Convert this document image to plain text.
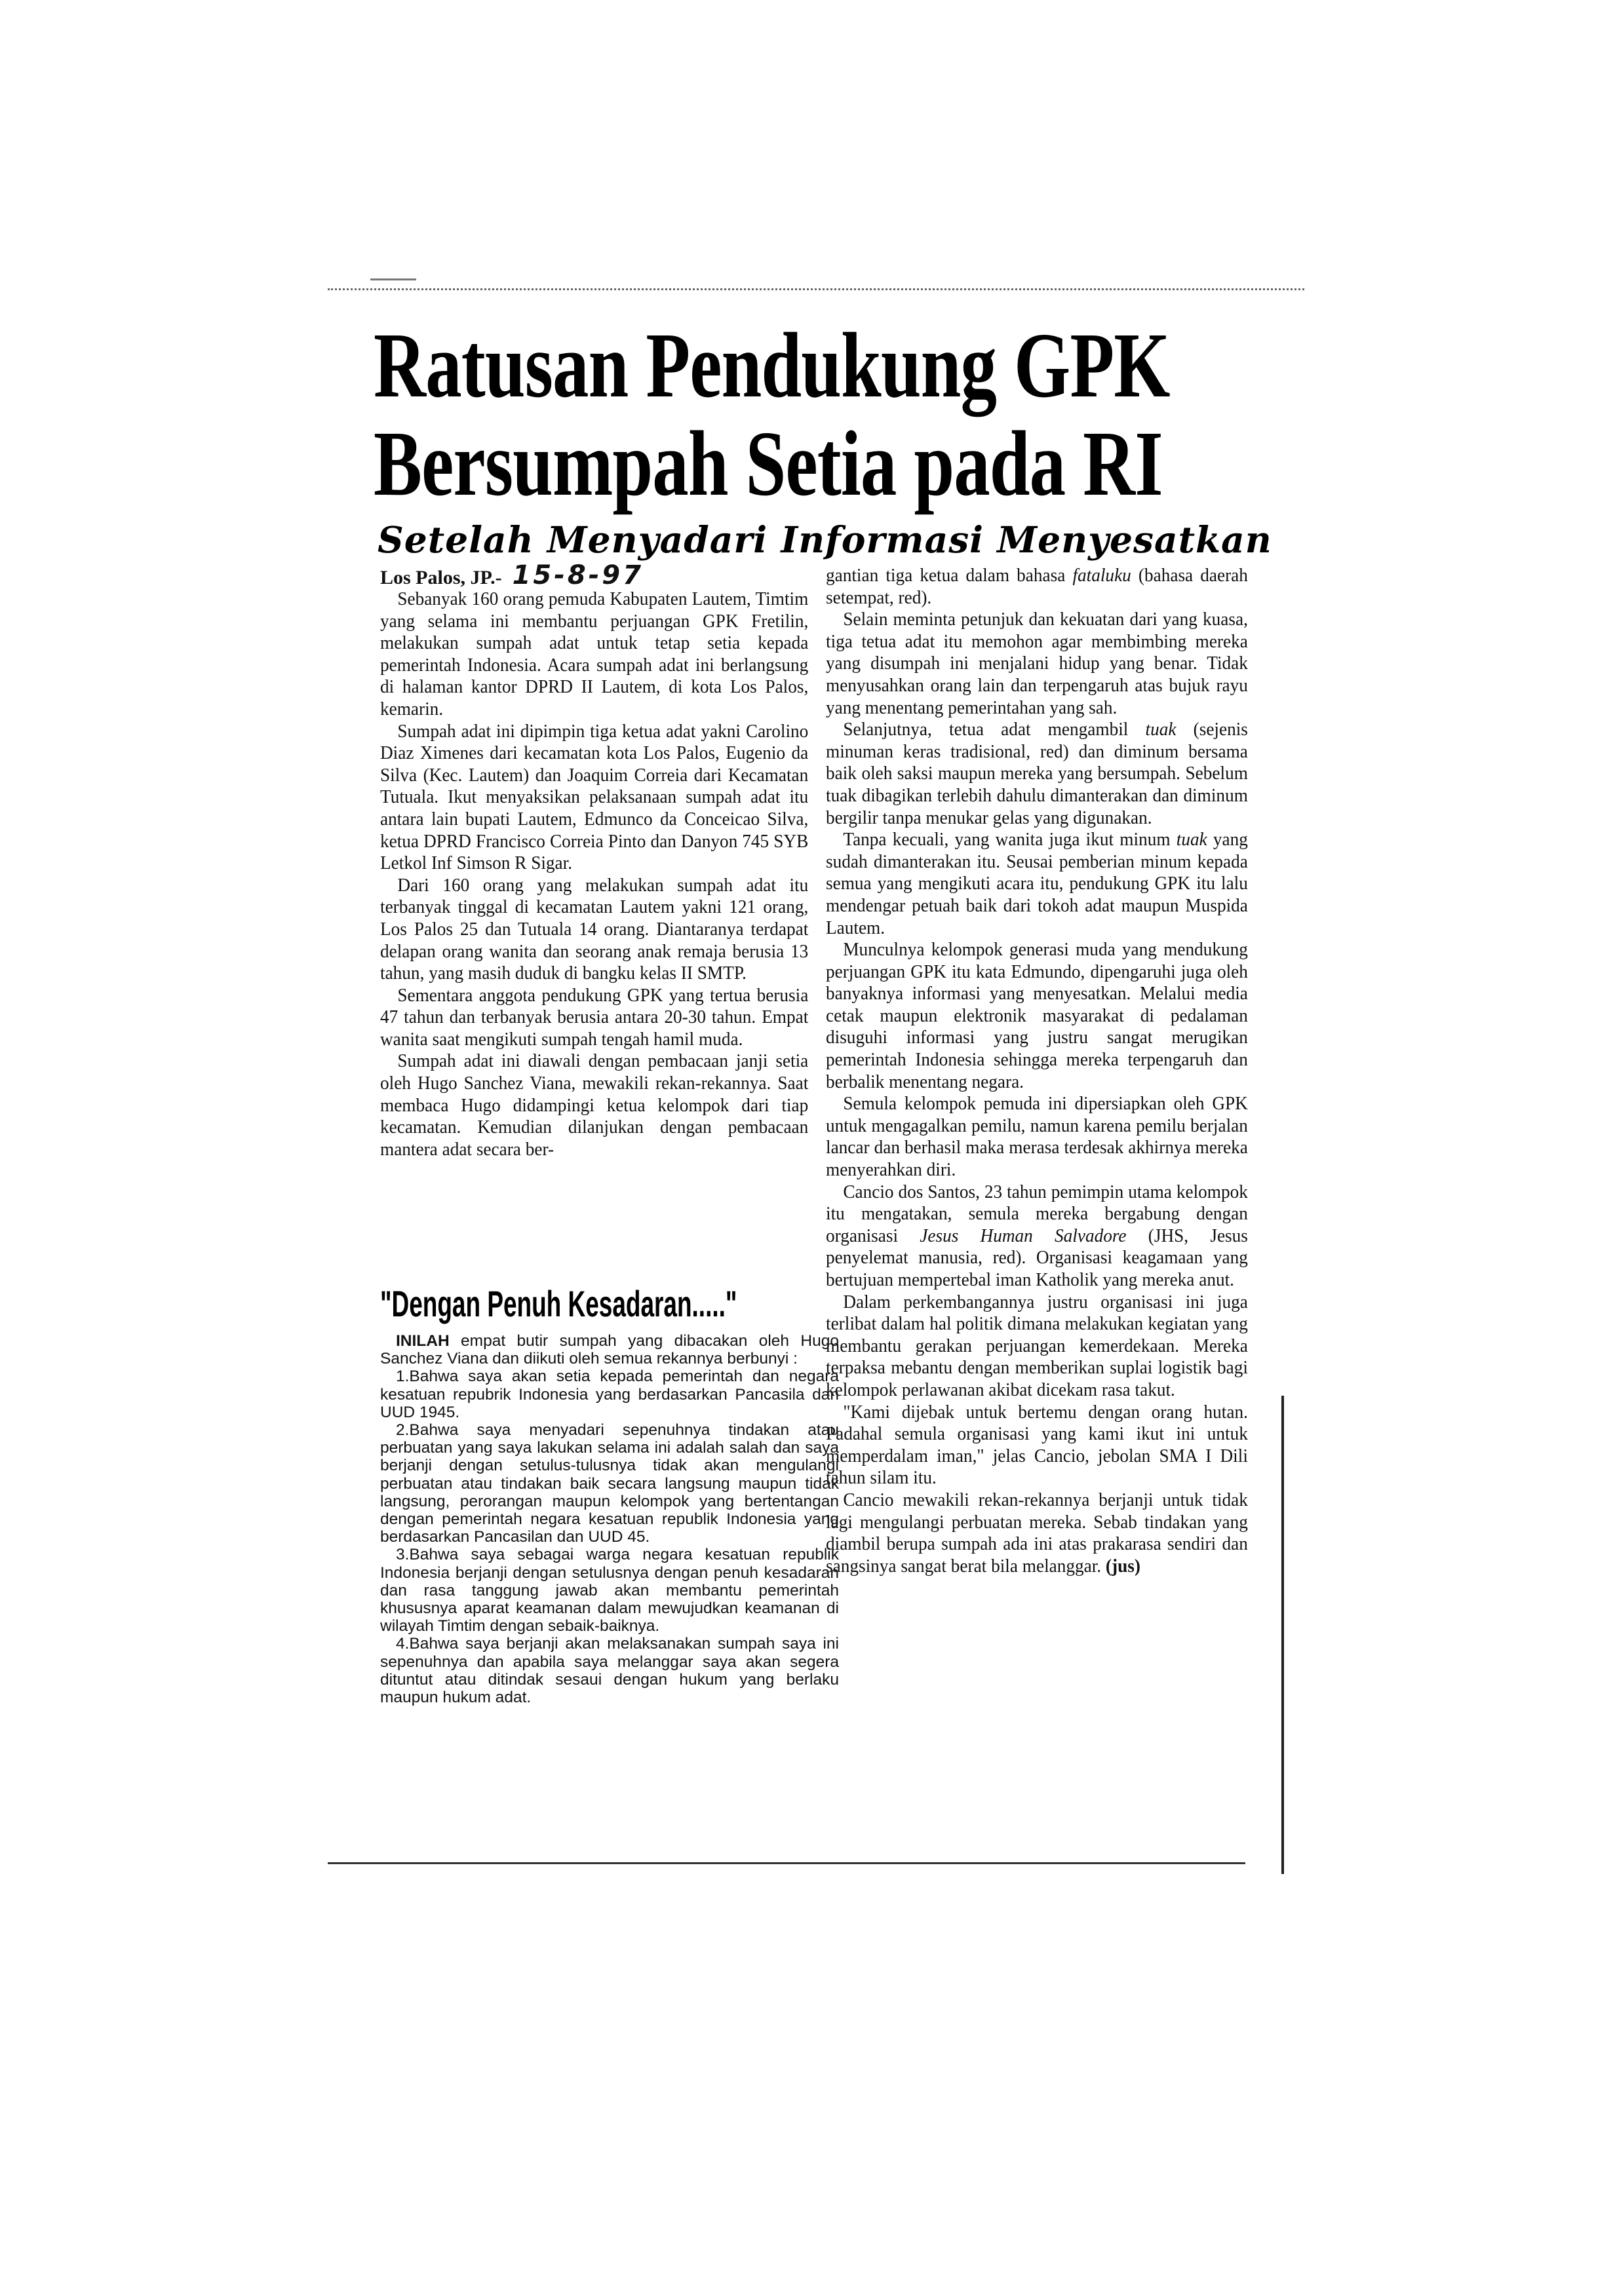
Ratusan Pendukung GPK
Bersumpah Setia pada RI
Setelah Menyadari Informasi Menyesatkan
Los Palos, JP.- 15-8-97

Sebanyak 160 orang pemuda Kabupaten Lautem, Timtim yang selama ini membantu perjuangan GPK Fretilin, melakukan sumpah adat untuk tetap setia kepada pemerintah Indonesia. Acara sumpah adat ini berlangsung di halaman kantor DPRD II Lautem, di kota Los Palos, kemarin.

Sumpah adat ini dipimpin tiga ketua adat yakni Carolino Diaz Ximenes dari kecamatan kota Los Palos, Eugenio da Silva (Kec. Lautem) dan Joaquim Correia dari Kecamatan Tutuala. Ikut menyaksikan pelaksanaan sumpah adat itu antara lain bupati Lautem, Edmunco da Conceicao Silva, ketua DPRD Francisco Correia Pinto dan Danyon 745 SYB Letkol Inf Simson R Sigar.

Dari 160 orang yang melakukan sumpah adat itu terbanyak tinggal di kecamatan Lautem yakni 121 orang, Los Palos 25 dan Tutuala 14 orang. Diantaranya terdapat delapan orang wanita dan seorang anak remaja berusia 13 tahun, yang masih duduk di bangku kelas II SMTP.

Sementara anggota pendukung GPK yang tertua berusia 47 tahun dan terbanyak berusia antara 20-30 tahun. Empat wanita saat mengikuti sumpah tengah hamil muda.

Sumpah adat ini diawali dengan pembacaan janji setia oleh Hugo Sanchez Viana, mewakili rekan-rekannya. Saat membaca Hugo didampingi ketua kelompok dari tiap kecamatan. Kemudian dilanjukan dengan pembacaan mantera adat secara ber-

"Dengan Penuh Kesadaran....."

INILAH empat butir sumpah yang dibacakan oleh Hugo Sanchez Viana dan diikuti oleh semua rekannya berbunyi :

1.Bahwa saya akan setia kepada pemerintah dan negara kesatuan repubrik Indonesia yang berdasarkan Pancasila dan UUD 1945.

2.Bahwa saya menyadari sepenuhnya tindakan atau perbuatan yang saya lakukan selama ini adalah salah dan saya berjanji dengan setulus-tulusnya tidak akan mengulangi perbuatan atau tindakan baik secara langsung maupun tidak langsung, perorangan maupun kelompok yang bertentangan dengan pemerintah negara kesatuan republik Indonesia yang berdasarkan Pancasilan dan UUD 45.

3.Bahwa saya sebagai warga negara kesatuan republik Indonesia berjanji dengan setulusnya dengan penuh kesadaran dan rasa tanggung jawab akan membantu pemerintah khususnya aparat keamanan dalam mewujudkan keamanan di wilayah Timtim dengan sebaik-baiknya.

4.Bahwa saya berjanji akan melaksanakan sumpah saya ini sepenuhnya dan apabila saya melanggar saya akan segera dituntut atau ditindak sesaui dengan hukum yang berlaku maupun hukum adat.

gantian tiga ketua dalam bahasa fataluku (bahasa daerah setempat, red).

Selain meminta petunjuk dan kekuatan dari yang kuasa, tiga tetua adat itu memohon agar membimbing mereka yang disumpah ini menjalani hidup yang benar. Tidak menyusahkan orang lain dan terpengaruh atas bujuk rayu yang menentang pemerintahan yang sah.

Selanjutnya, tetua adat mengambil tuak (sejenis minuman keras tradisional, red) dan diminum bersama baik oleh saksi maupun mereka yang bersumpah. Sebelum tuak dibagikan terlebih dahulu dimanterakan dan diminum bergilir tanpa menukar gelas yang digunakan.

Tanpa kecuali, yang wanita juga ikut minum tuak yang sudah dimanterakan itu. Seusai pemberian minum kepada semua yang mengikuti acara itu, pendukung GPK itu lalu mendengar petuah baik dari tokoh adat maupun Muspida Lautem.

Munculnya kelompok generasi muda yang mendukung perjuangan GPK itu kata Edmundo, dipengaruhi juga oleh banyaknya informasi yang menyesatkan. Melalui media cetak maupun elektronik masyarakat di pedalaman disuguhi informasi yang justru sangat merugikan pemerintah Indonesia sehingga mereka terpengaruh dan berbalik menentang negara.

Semula kelompok pemuda ini dipersiapkan oleh GPK untuk mengagalkan pemilu, namun karena pemilu berjalan lancar dan berhasil maka merasa terdesak akhirnya mereka menyerahkan diri.

Cancio dos Santos, 23 tahun pemimpin utama kelompok itu mengatakan, semula mereka bergabung dengan organisasi Jesus Human Salvadore (JHS, Jesus penyelemat manusia, red). Organisasi keagamaan yang bertujuan mempertebal iman Katholik yang mereka anut.

Dalam perkembangannya justru organisasi ini juga terlibat dalam hal politik dimana melakukan kegiatan yang membantu gerakan perjuangan kemerdekaan. Mereka terpaksa mebantu dengan memberikan suplai logistik bagi kelompok perlawanan akibat dicekam rasa takut.

"Kami dijebak untuk bertemu dengan orang hutan. Padahal semula organisasi yang kami ikut ini untuk memperdalam iman," jelas Cancio, jebolan SMA I Dili tahun silam itu.

Cancio mewakili rekan-rekannya berjanji untuk tidak lagi mengulangi perbuatan mereka. Sebab tindakan yang diambil berupa sumpah ada ini atas prakarasa sendiri dan sangsinya sangat berat bila melanggar. (jus)
